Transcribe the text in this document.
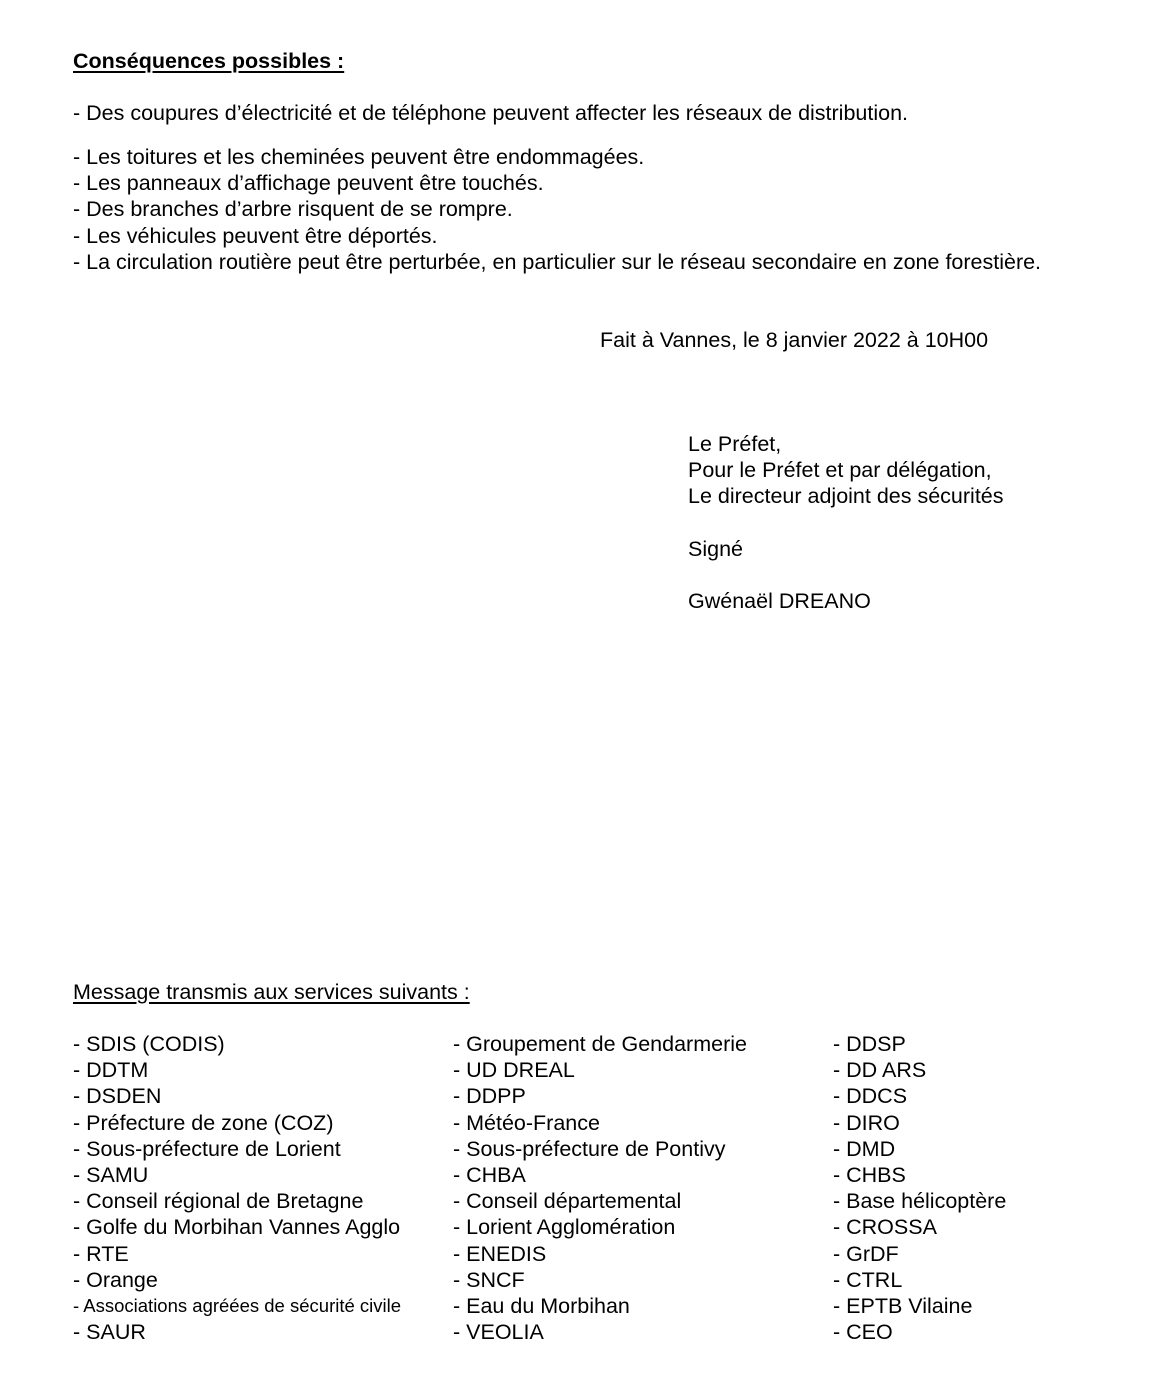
Conséquences possibles :
- Des coupures d’électricité et de téléphone peuvent affecter les réseaux de distribution.
- Les toitures et les cheminées peuvent être endommagées.
- Les panneaux d’affichage peuvent être touchés.
- Des branches d’arbre risquent de se rompre.
- Les véhicules peuvent être déportés.
- La circulation routière peut être perturbée, en particulier sur le réseau secondaire en zone forestière.
Fait à Vannes, le 8 janvier 2022 à 10H00
Le Préfet,
Pour le Préfet et par délégation,
Le directeur adjoint des sécurités
Signé
Gwénaël DREANO
Message transmis aux services suivants :
- SDIS (CODIS)
- DDTM
- DSDEN
- Préfecture de zone (COZ)
- Sous-préfecture de Lorient
- SAMU
- Conseil régional de Bretagne
- Golfe du Morbihan Vannes Agglo
- RTE
- Orange
- Associations agréées de sécurité civile
- SAUR
- Groupement de Gendarmerie
- UD DREAL
- DDPP
- Météo-France
- Sous-préfecture de Pontivy
- CHBA
- Conseil départemental
- Lorient Agglomération
- ENEDIS
- SNCF
- Eau du Morbihan
- VEOLIA
- DDSP
- DD ARS
- DDCS
- DIRO
- DMD
- CHBS
- Base hélicoptère
- CROSSA
- GrDF
- CTRL
- EPTB Vilaine
- CEO
